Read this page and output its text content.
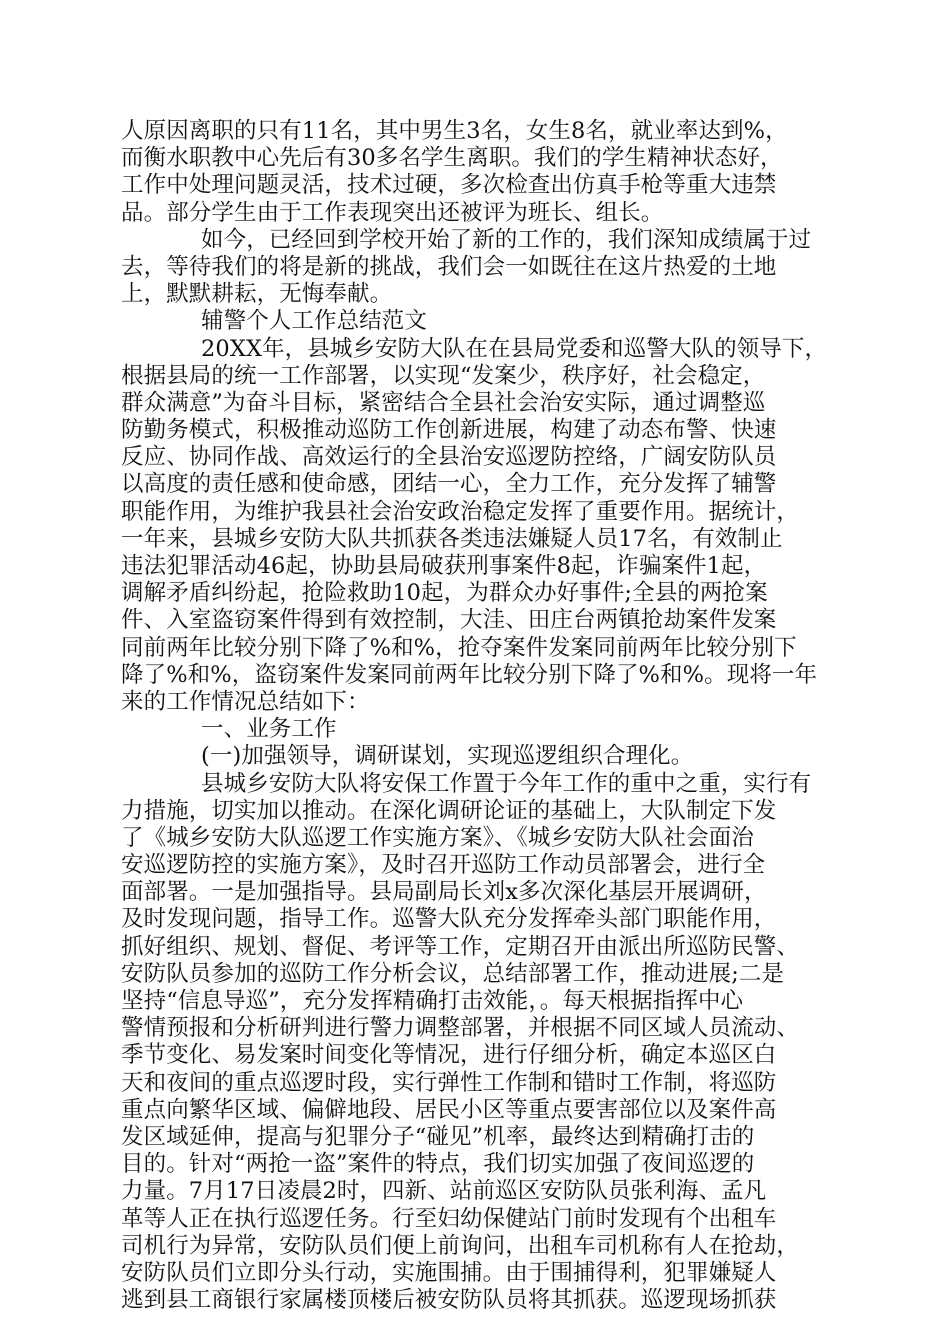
人原因离职的只有11名，其中男生3名，女生8名，就业率达到%，
而衡水职教中心先后有30多名学生离职。我们的学生精神状态好，
工作中处理问题灵活，技术过硬，多次检查出仿真手枪等重大违禁
品。部分学生由于工作表现突出还被评为班长、组长。
如今，已经回到学校开始了新的工作的，我们深知成绩属于过
去，等待我们的将是新的挑战，我们会一如既往在这片热爱的土地
上，默默耕耘，无悔奉献。
辅警个人工作总结范文
20XX年，县城乡安防大队在在县局党委和巡警大队的领导下，
根据县局的统一工作部署，以实现“发案少，秩序好，社会稳定，
群众满意”为奋斗目标，紧密结合全县社会治安实际，通过调整巡
防勤务模式，积极推动巡防工作创新进展，构建了动态布警、快速
反应、协同作战、高效运行的全县治安巡逻防控络，广阔安防队员
以高度的责任感和使命感，团结一心，全力工作，充分发挥了辅警
职能作用，为维护我县社会治安政治稳定发挥了重要作用。据统计，
一年来，县城乡安防大队共抓获各类违法嫌疑人员17名，有效制止
违法犯罪活动46起，协助县局破获刑事案件8起，诈骗案件1起，
调解矛盾纠纷起，抢险救助10起，为群众办好事件;全县的两抢案
件、入室盗窃案件得到有效控制，大洼、田庄台两镇抢劫案件发案
同前两年比较分别下降了%和%，抢夺案件发案同前两年比较分别下
降了%和%，盗窃案件发案同前两年比较分别下降了%和%。现将一年
来的工作情况总结如下：
一、业务工作
(一)加强领导，调研谋划，实现巡逻组织合理化。
县城乡安防大队将安保工作置于今年工作的重中之重，实行有
力措施，切实加以推动。在深化调研论证的基础上，大队制定下发
了《城乡安防大队巡逻工作实施方案》、《城乡安防大队社会面治
安巡逻防控的实施方案》，及时召开巡防工作动员部署会，进行全
面部署。一是加强指导。县局副局长刘x多次深化基层开展调研，
及时发现问题，指导工作。巡警大队充分发挥牵头部门职能作用，
抓好组织、规划、督促、考评等工作，定期召开由派出所巡防民警、
安防队员参加的巡防工作分析会议，总结部署工作，推动进展;二是
坚持“信息导巡”，充分发挥精确打击效能，。每天根据指挥中心
警情预报和分析研判进行警力调整部署，并根据不同区域人员流动、
季节变化、易发案时间变化等情况，进行仔细分析，确定本巡区白
天和夜间的重点巡逻时段，实行弹性工作制和错时工作制，将巡防
重点向繁华区域、偏僻地段、居民小区等重点要害部位以及案件高
发区域延伸，提高与犯罪分子“碰见”机率，最终达到精确打击的
目的。针对“两抢一盗”案件的特点，我们切实加强了夜间巡逻的
力量。7月17日凌晨2时，四新、站前巡区安防队员张利海、孟凡
革等人正在执行巡逻任务。行至妇幼保健站门前时发现有个出租车
司机行为异常，安防队员们便上前询问，出租车司机称有人在抢劫，
安防队员们立即分头行动，实施围捕。由于围捕得利，犯罪嫌疑人
逃到县工商银行家属楼顶楼后被安防队员将其抓获。巡逻现场抓获
